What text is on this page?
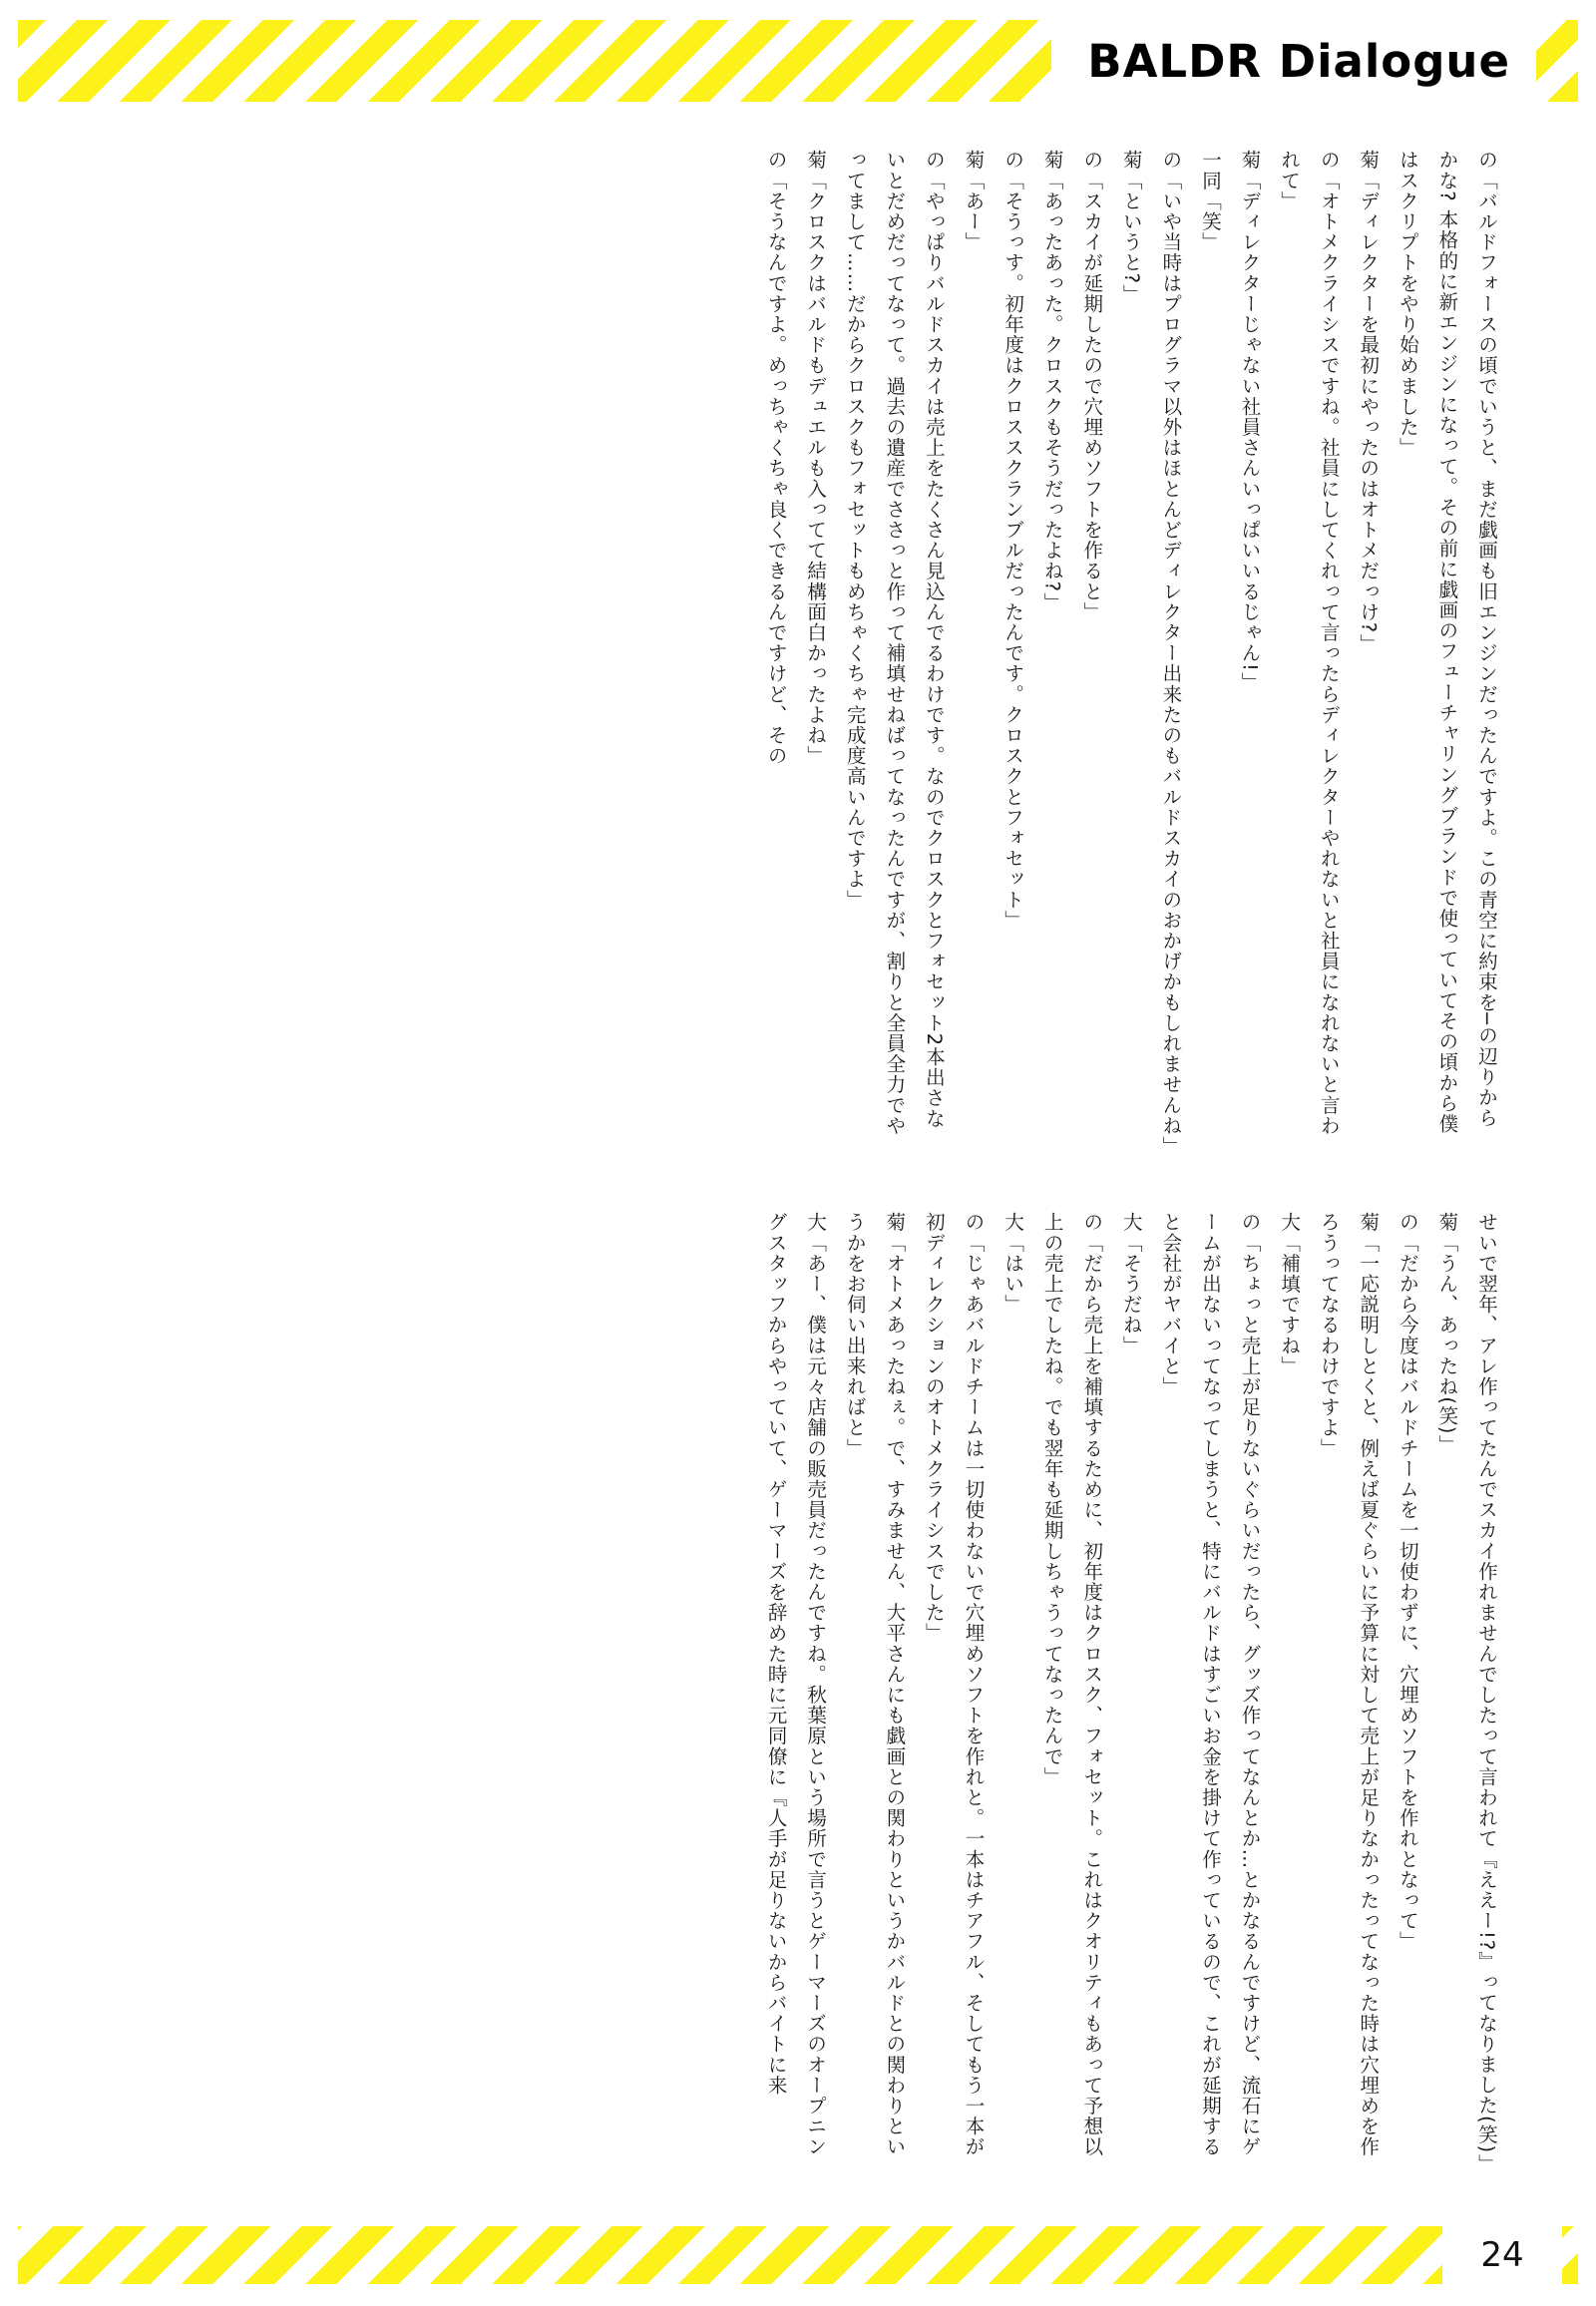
BALDR Dialogue

の「バルドフォースの頃でいうと、まだ戯画も旧エンジンだったんですよ。この青空に約束を─の辺りからかな? 本格的に新エンジンになって。その前に戯画のフューチャリングブランドで使っていてその頃から僕はスクリプトをやり始めました」

菊「ディレクターを最初にやったのはオトメだっけ?」

の「オトメクライシスですね。社員にしてくれって言ったらディレクターやれないと社員になれないと言われて」

菊「ディレクターじゃない社員さんいっぱいいるじゃん!」

一同「笑」

の「いや当時はプログラマ以外はほとんどディレクター出来たのもバルドスカイのおかげかもしれませんね」

菊「というと?」

の「スカイが延期したので穴埋めソフトを作ると」

菊「あったあった。クロスクもそうだったよね?」

の「そうっす。初年度はクロススクランブルだったんです。クロスクとフォセット」

菊「あー」

の「やっぱりバルドスカイは売上をたくさん見込んでるわけです。なのでクロスクとフォセット2本出さないとだめだってなって。過去の遺産でささっと作って補填せねばってなったんですが、割りと全員全力でやってまして……だからクロスクもフォセットもめちゃくちゃ完成度高いんですよ」

菊「クロスクはバルドもデュエルも入ってて結構面白かったよね」

の「そうなんですよ。めっちゃくちゃ良くできるんですけど、その

せいで翌年、アレ作ってたんでスカイ作れませんでしたって言われて『ええー!?』ってなりました(笑)」

菊「うん、あったね(笑)」

の「だから今度はバルドチームを一切使わずに、穴埋めソフトを作れとなって」

菊「一応説明しとくと、例えば夏ぐらいに予算に対して売上が足りなかったってなった時は穴埋めを作ろうってなるわけですよ」

大「補填ですね」

の「ちょっと売上が足りないぐらいだったら、グッズ作ってなんとか…とかなるんですけど、流石にゲームが出ないってなってしまうと、特にバルドはすごいお金を掛けて作っているので、これが延期すると会社がヤバイと」

大「そうだね」

の「だから売上を補填するために、初年度はクロスク、フォセット。これはクオリティもあって予想以上の売上でしたね。でも翌年も延期しちゃうってなったんで」

大「はい」

の「じゃあバルドチームは一切使わないで穴埋めソフトを作れと。一本はチアフル、そしてもう一本が初ディレクションのオトメクライシスでした」

菊「オトメあったねぇ。で、すみません、大平さんにも戯画との関わりというかバルドとの関わりというかをお伺い出来ればと」

大「あー、僕は元々店舗の販売員だったんですね。秋葉原という場所で言うとゲーマーズのオープニングスタッフからやっていて、ゲーマーズを辞めた時に元同僚に『人手が足りないからバイトに来

24
